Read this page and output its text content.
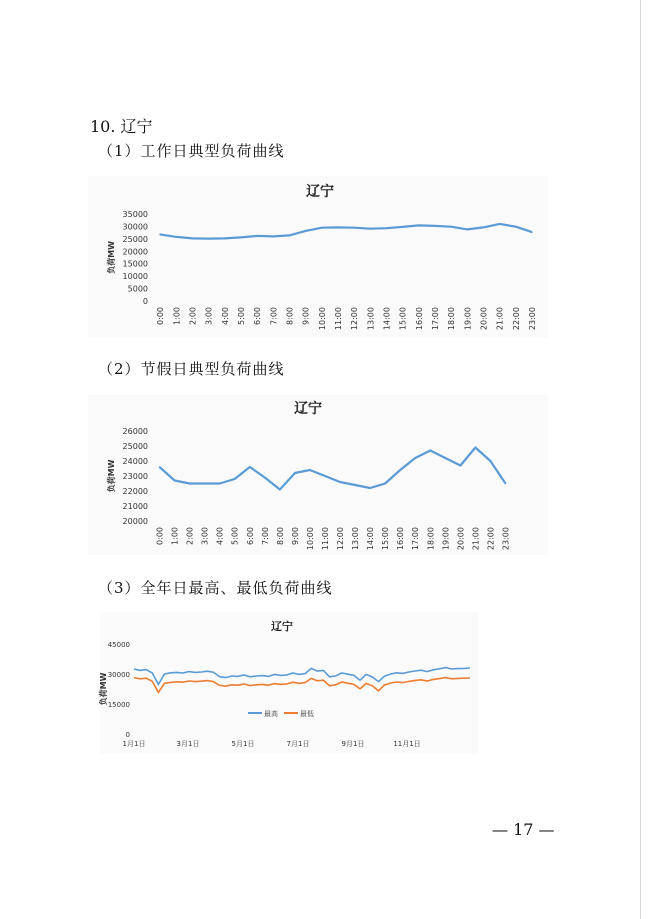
10. 辽宁
（1）工作日典型负荷曲线
（2）节假日典型负荷曲线
（3）全年日最高、最低负荷曲线
辽宁
35000
30000
25000
20000
15000
10000
5000
0
负荷MW
0:00 1:00 2:00 3:00 4:00 5:00 6:00 7:00 8:00 9:00 10:00 11:00 12:00 13:00 14:00 15:00 16:00 17:00 18:00 19:00 20:00 21:00 22:00 23:00
辽宁
26000
25000
24000
23000
22000
21000
20000
负荷MW
0:00 1:00 2:00 3:00 4:00 5:00 6:00 7:00 8:00 9:00 10:00 11:00 12:00 13:00 14:00 15:00 16:00 17:00 18:00 19:00 20:00 21:00 22:00 23:00
辽宁
45000
30000
15000
0
负荷MW
1月1日	3月1日	5月1日	7月1日	9月1日	11月1日
最高	最低
— 17 —
